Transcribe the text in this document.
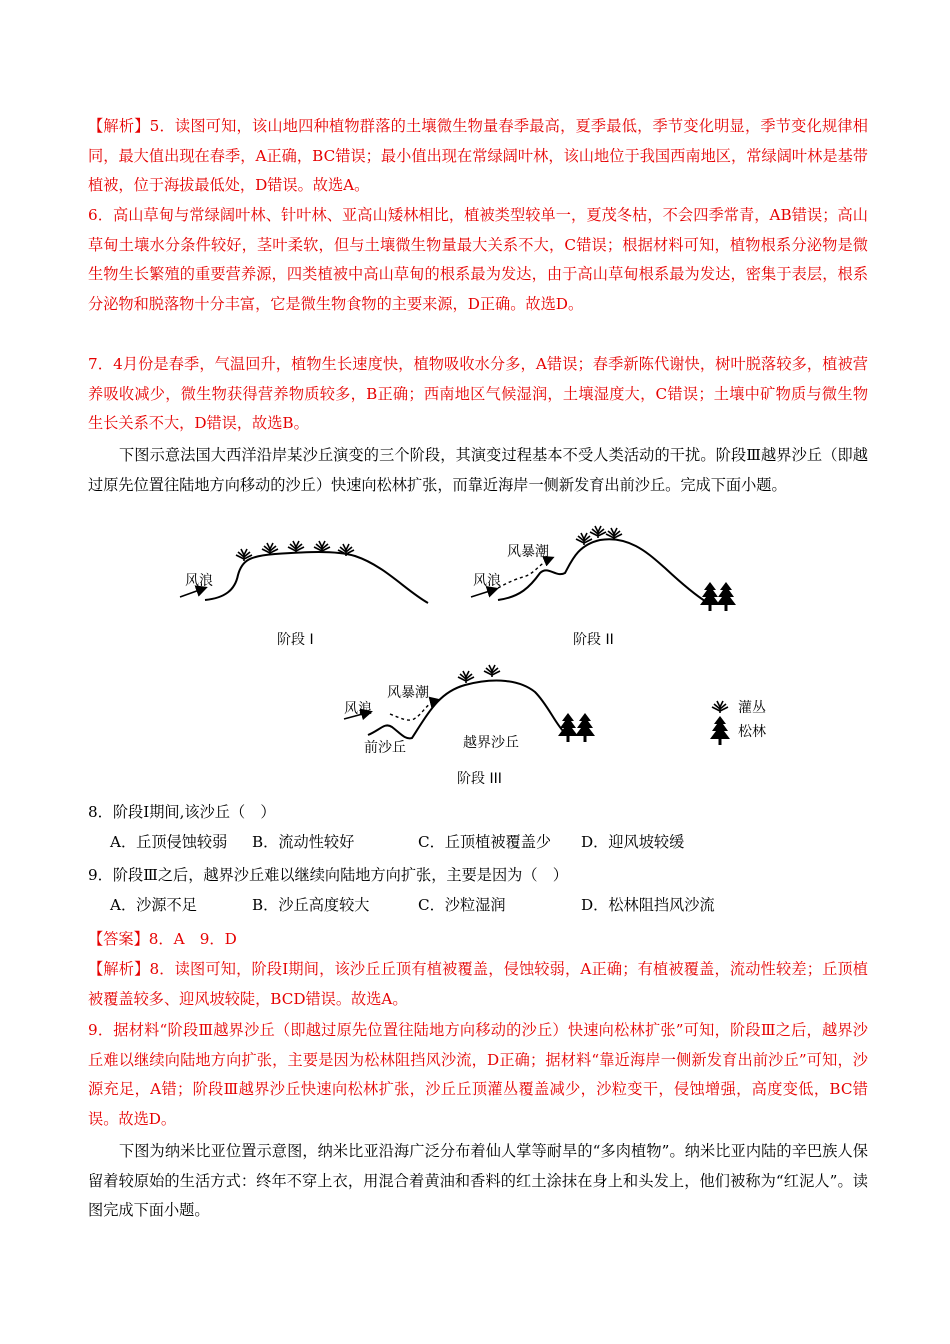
【解析】5．读图可知，该山地四种植物群落的土壤微生物量春季最高，夏季最低，季节变化明显，季节变化规律相同，最大值出现在春季，A正确，BC错误；最小值出现在常绿阔叶林，该山地位于我国西南地区，常绿阔叶林是基带植被，位于海拔最低处，D错误。故选A。

6．高山草甸与常绿阔叶林、针叶林、亚高山矮林相比，植被类型较单一，夏茂冬枯，不会四季常青，AB错误；高山草甸土壤水分条件较好，茎叶柔软，但与土壤微生物量最大关系不大，C错误；根据材料可知，植物根系分泌物是微生物生长繁殖的重要营养源，四类植被中高山草甸的根系最为发达，由于高山草甸根系最为发达，密集于表层，根系分泌物和脱落物十分丰富，它是微生物食物的主要来源，D正确。故选D。

7．4月份是春季，气温回升，植物生长速度快，植物吸收水分多，A错误；春季新陈代谢快，树叶脱落较多，植被营养吸收减少，微生物获得营养物质较多，B正确；西南地区气候湿润，土壤湿度大，C错误；土壤中矿物质与微生物生长关系不大，D错误，故选B。

下图示意法国大西洋沿岸某沙丘演变的三个阶段，其演变过程基本不受人类活动的干扰。阶段Ⅲ越界沙丘（即越过原先位置往陆地方向移动的沙丘）快速向松林扩张，而靠近海岸一侧新发育出前沙丘。完成下面小题。

风浪
阶段 I
风浪
风暴潮
阶段 II
风浪
风暴潮
前沙丘	越界沙丘
阶段 III
灌丛
松林
8．阶段Ⅰ期间,该沙丘（　）
A．丘顶侵蚀较弱	B．流动性较好	C．丘顶植被覆盖少	D．迎风坡较缓
9．阶段Ⅲ之后，越界沙丘难以继续向陆地方向扩张，主要是因为（　）
A．沙源不足	B．沙丘高度较大	C．沙粒湿润	D．松林阻挡风沙流
【答案】8．A　9．D

【解析】8．读图可知，阶段Ⅰ期间，该沙丘丘顶有植被覆盖，侵蚀较弱，A正确；有植被覆盖，流动性较差；丘顶植被覆盖较多、迎风坡较陡，BCD错误。故选A。

9．据材料“阶段Ⅲ越界沙丘（即越过原先位置往陆地方向移动的沙丘）快速向松林扩张”可知，阶段Ⅲ之后，越界沙丘难以继续向陆地方向扩张，主要是因为松林阻挡风沙流，D正确；据材料“靠近海岸一侧新发育出前沙丘”可知，沙源充足，A错；阶段Ⅲ越界沙丘快速向松林扩张，沙丘丘顶灌丛覆盖减少，沙粒变干，侵蚀增强，高度变低，BC错误。故选D。

下图为纳米比亚位置示意图，纳米比亚沿海广泛分布着仙人掌等耐旱的“多肉植物”。纳米比亚内陆的辛巴族人保留着较原始的生活方式：终年不穿上衣，用混合着黄油和香料的红土涂抹在身上和头发上，他们被称为“红泥人”。读图完成下面小题。
